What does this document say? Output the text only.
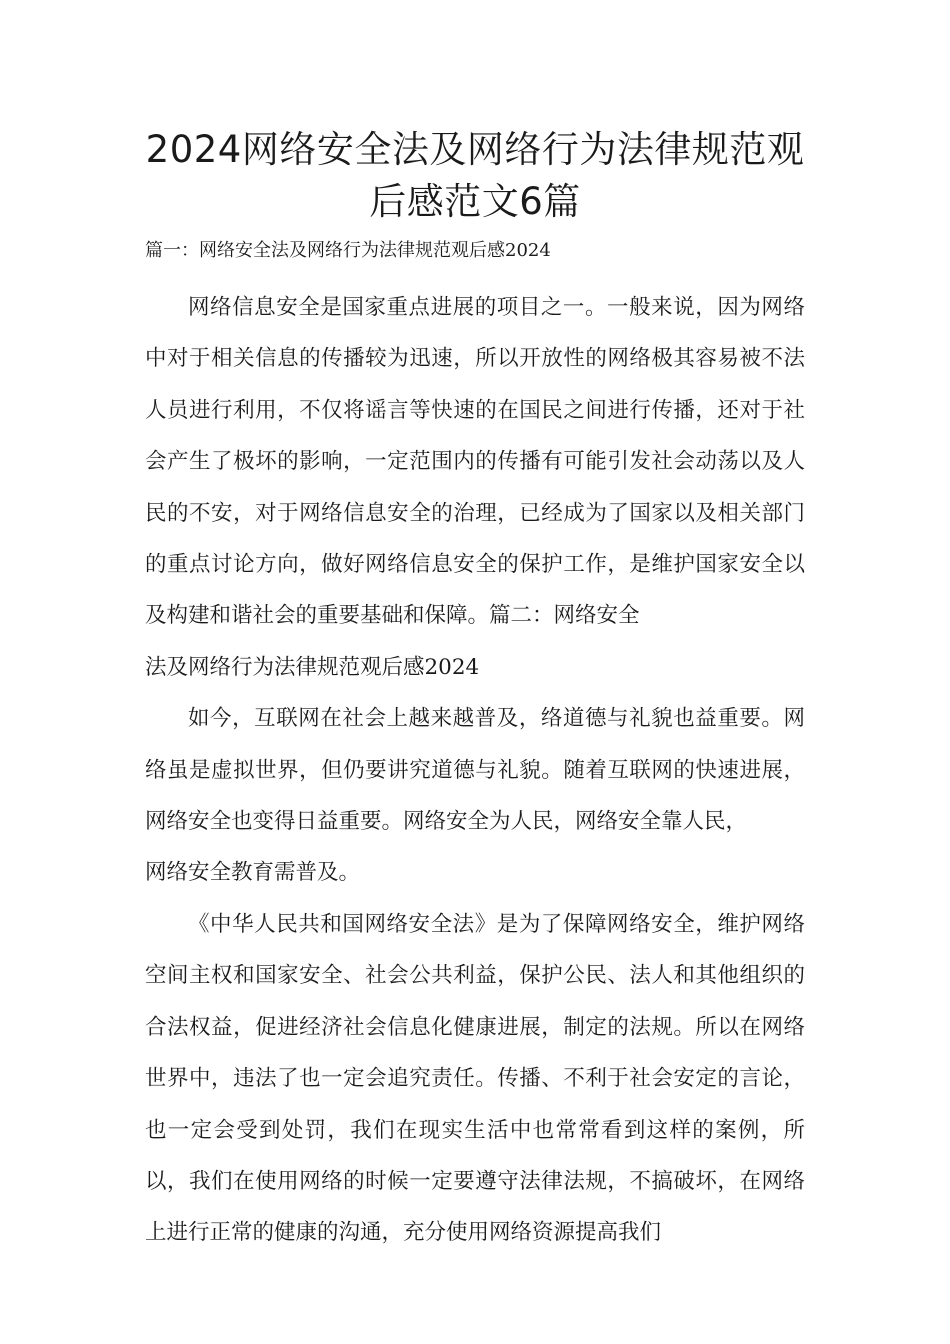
2024网络安全法及网络行为法律规范观
后感范文6篇
篇一：网络安全法及网络行为法律规范观后感2024

网络信息安全是国家重点进展的项目之一。一般来说，因为网络中对于相关信息的传播较为迅速，所以开放性的网络极其容易被不法人员进行利用，不仅将谣言等快速的在国民之间进行传播，还对于社会产生了极坏的影响，一定范围内的传播有可能引发社会动荡以及人民的不安，对于网络信息安全的治理，已经成为了国家以及相关部门的重点讨论方向，做好网络信息安全的保护工作，是维护国家安全以及构建和谐社会的重要基础和保障。篇二：网络安全
法及网络行为法律规范观后感2024

如今，互联网在社会上越来越普及，络道德与礼貌也益重要。网络虽是虚拟世界，但仍要讲究道德与礼貌。随着互联网的快速进展，网络安全也变得日益重要。网络安全为人民，网络安全靠人民，
网络安全教育需普及。

《中华人民共和国网络安全法》是为了保障网络安全，维护网络空间主权和国家安全、社会公共利益，保护公民、法人和其他组织的合法权益，促进经济社会信息化健康进展，制定的法规。所以在网络世界中，违法了也一定会追究责任。传播、不利于社会安定的言论，也一定会受到处罚，我们在现实生活中也常常看到这样的案例，所以，我们在使用网络的时候一定要遵守法律法规，不搞破坏，在网络上进行正常的健康的沟通，充分使用网络资源提高我们
